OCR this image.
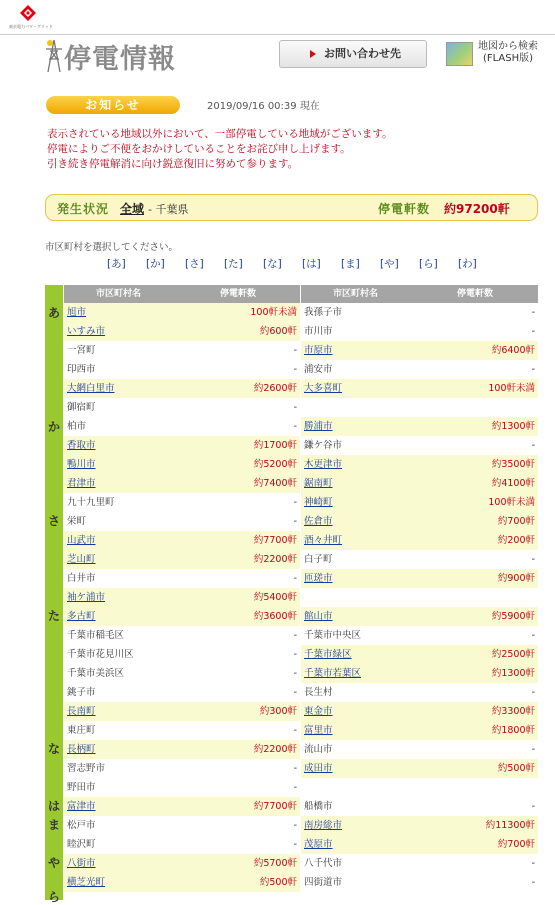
東京電力パワーグリッド
停電情報	お問い合わせ先
地図から検索
(FLASH版)
お知らせ	2019/09/16 00:39 現在
表示されている地域以外において、一部停電している地域がございます。
停電によりご不便をおかけしていることをお詫び申し上げます。
引き続き停電解消に向け鋭意復旧に努めて参ります。
発生状況 全域 - 千葉県	停電軒数 約97200軒
市区町村を選択してください。
[あ] [か] [さ] [た] [な] [は] [ま] [や] [ら] [わ]
あ
か
さ
た
な
は
ま
や
ら
市区町村名	停電軒数	市区町村名	停電軒数
旭市	100軒未満 我孫子市	-
いすみ市	約600軒 市川市	-
一宮町	- 市原市	約6400軒
印西市	- 浦安市	-
大網白里市	約2600軒 大多喜町	100軒未満
御宿町	-
柏市	- 勝浦市	約1300軒
香取市	約1700軒 鎌ケ谷市	-
鴨川市	約5200軒 木更津市	約3500軒
君津市	約7400軒 鋸南町	約4100軒
九十九里町	- 神崎町	100軒未満
栄町	- 佐倉市	約700軒
山武市	約7700軒 酒々井町	約200軒
芝山町	約2200軒 白子町	-
白井市	- 匝瑳市	約900軒
袖ケ浦市	約5400軒
多古町	約3600軒 館山市	約5900軒
千葉市稲毛区	- 千葉市中央区	-
千葉市花見川区	- 千葉市緑区	約2500軒
千葉市美浜区	- 千葉市若葉区	約1300軒
銚子市	- 長生村	-
長南町	約300軒 東金市	約3300軒
東庄町	- 富里市	約1800軒
長柄町	約2200軒 流山市	-
習志野市	- 成田市	約500軒
野田市	-
富津市	約7700軒 船橋市	-
松戸市	- 南房総市	約11300軒
睦沢町	- 茂原市	約700軒
八街市	約5700軒 八千代市	-
横芝光町	約500軒 四街道市	-
